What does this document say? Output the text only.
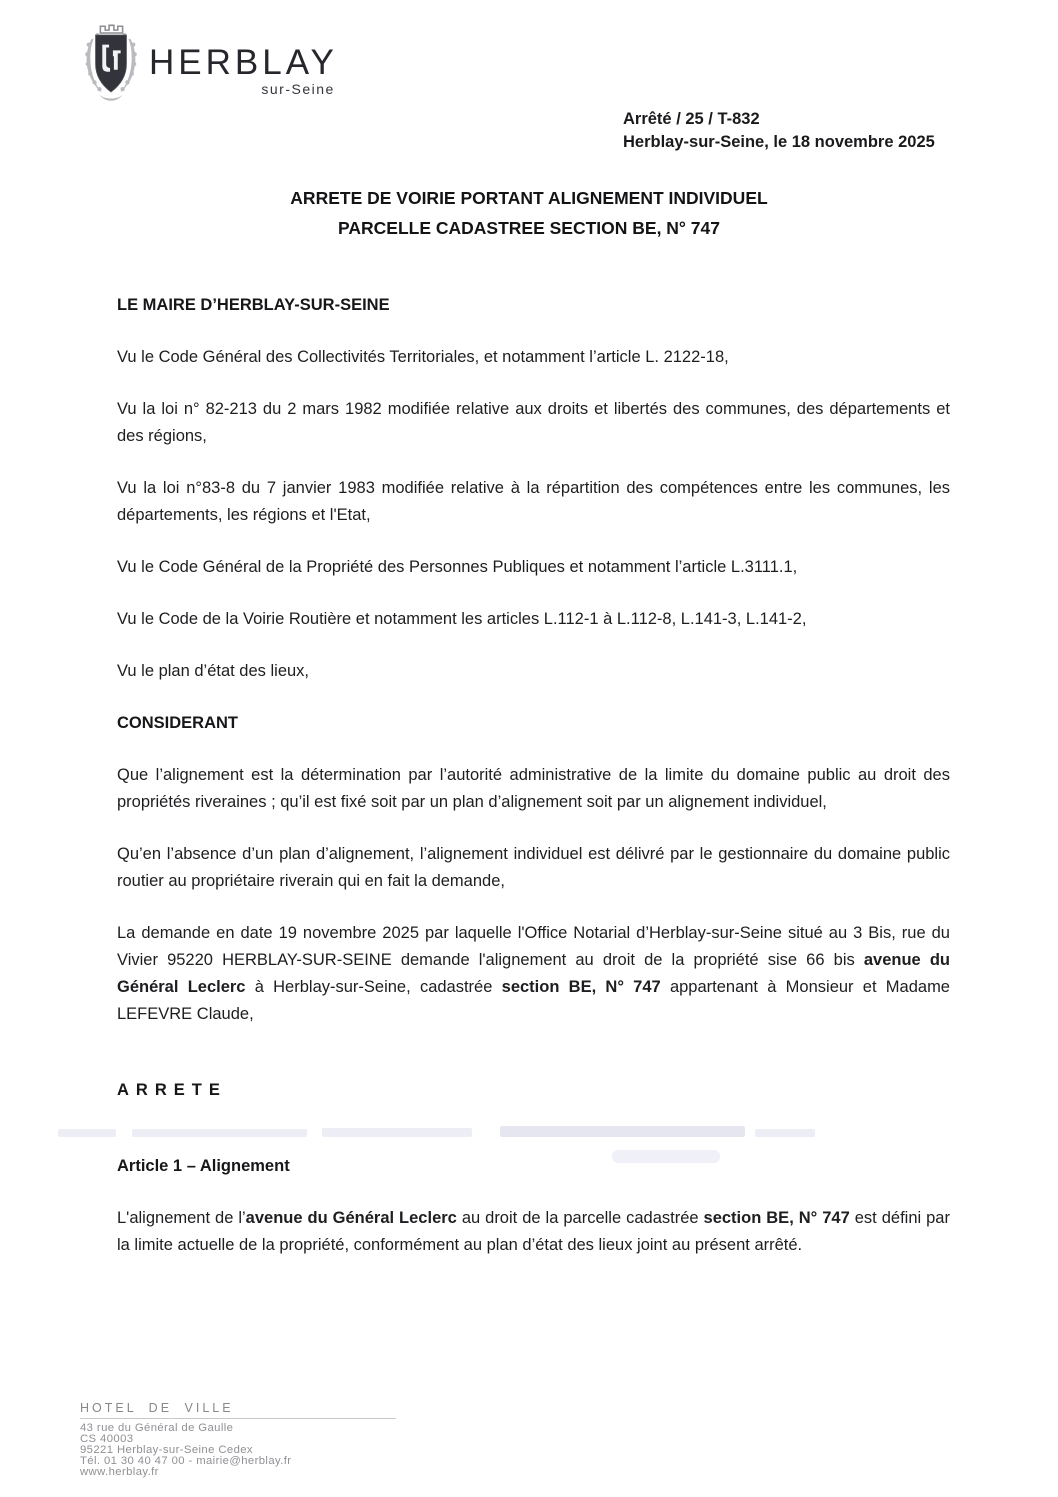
HERBLAY
sur-Seine
Arrêté / 25 / T-832
Herblay-sur-Seine, le 18 novembre 2025
ARRETE DE VOIRIE PORTANT ALIGNEMENT INDIVIDUEL
PARCELLE CADASTREE SECTION BE, N° 747

LE MAIRE D’HERBLAY-SUR-SEINE

Vu le Code Général des Collectivités Territoriales, et notamment l’article L. 2122-18,

Vu la loi n° 82-213 du 2 mars 1982 modifiée relative aux droits et libertés des communes, des départements et des régions,

Vu la loi n°83-8 du 7 janvier 1983 modifiée relative à la répartition des compétences entre les communes, les départements, les régions et l'Etat,

Vu le Code Général de la Propriété des Personnes Publiques et notamment l’article L.3111.1,

Vu le Code de la Voirie Routière et notamment les articles L.112-1 à L.112-8, L.141-3, L.141-2,

Vu le plan d’état des lieux,

CONSIDERANT

Que l’alignement est la détermination par l’autorité administrative de la limite du domaine public au droit des propriétés riveraines ; qu’il est fixé soit par un plan d’alignement soit par un alignement individuel,

Qu’en l’absence d’un plan d’alignement, l’alignement individuel est délivré par le gestionnaire du domaine public routier au propriétaire riverain qui en fait la demande,

La demande en date 19 novembre 2025 par laquelle l'Office Notarial d’Herblay-sur-Seine situé au 3 Bis, rue du Vivier 95220 HERBLAY-SUR-SEINE demande l'alignement au droit de la propriété sise 66 bis avenue du Général Leclerc à Herblay-sur-Seine, cadastrée section BE, N° 747 appartenant à Monsieur et Madame LEFEVRE Claude,

ARRETE

Article 1 – Alignement

L'alignement de l’avenue du Général Leclerc au droit de la parcelle cadastrée section BE, N° 747 est défini par la limite actuelle de la propriété, conformément au plan d’état des lieux joint au présent arrêté.

HOTEL DE VILLE
43 rue du Général de Gaulle
CS 40003
95221 Herblay-sur-Seine Cedex
Tél. 01 30 40 47 00 - mairie@herblay.fr
www.herblay.fr
